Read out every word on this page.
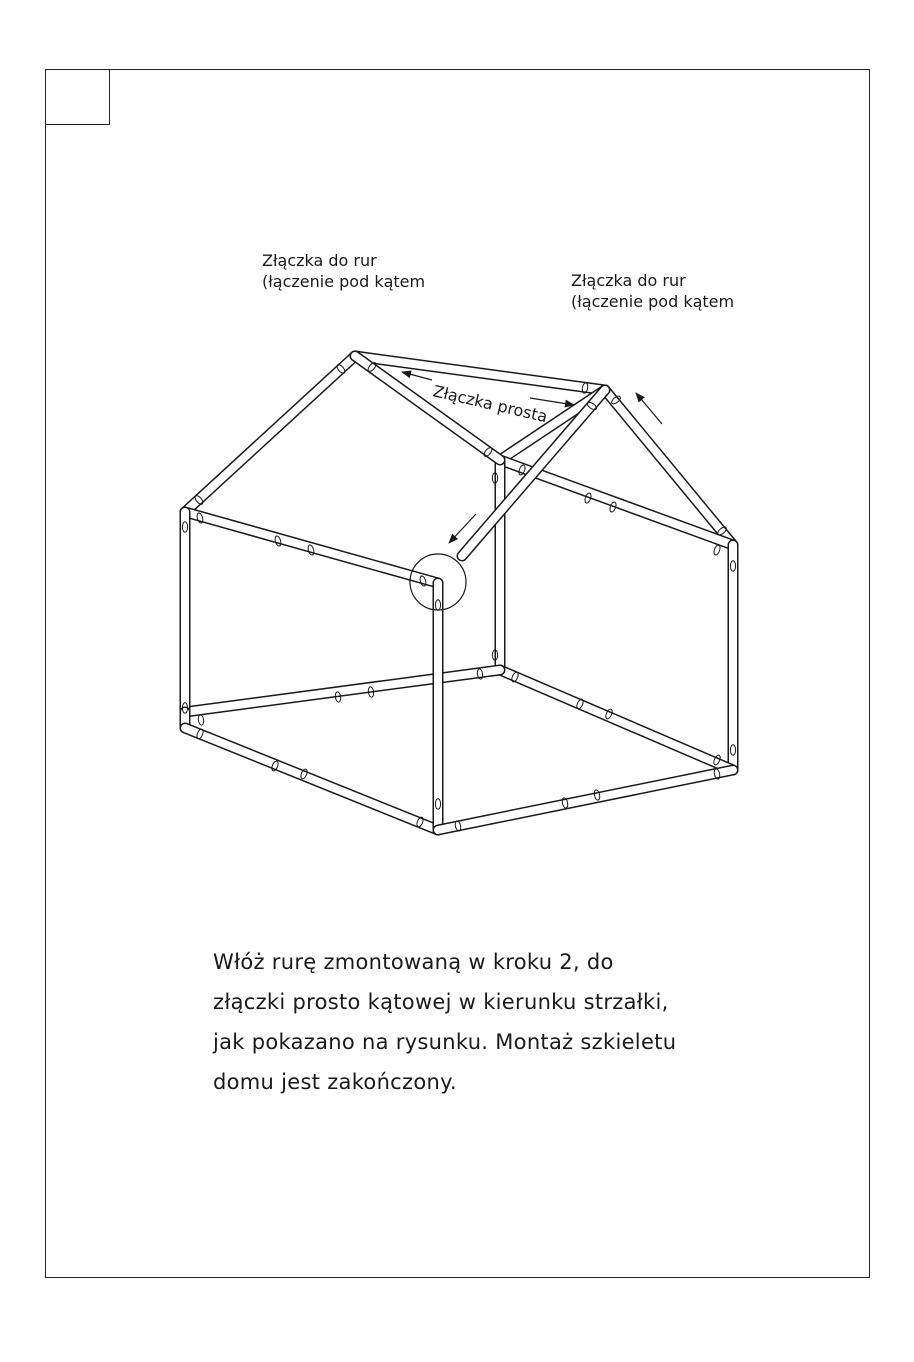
Złączka do rur
(łączenie pod kątem	Złączka do rur
(łączenie pod kątem
Złączka prosta
Włóż rurę zmontowaną w kroku 2, do
złączki prosto kątowej w kierunku strzałki,
jak pokazano na rysunku. Montaż szkieletu
domu jest zakończony.
